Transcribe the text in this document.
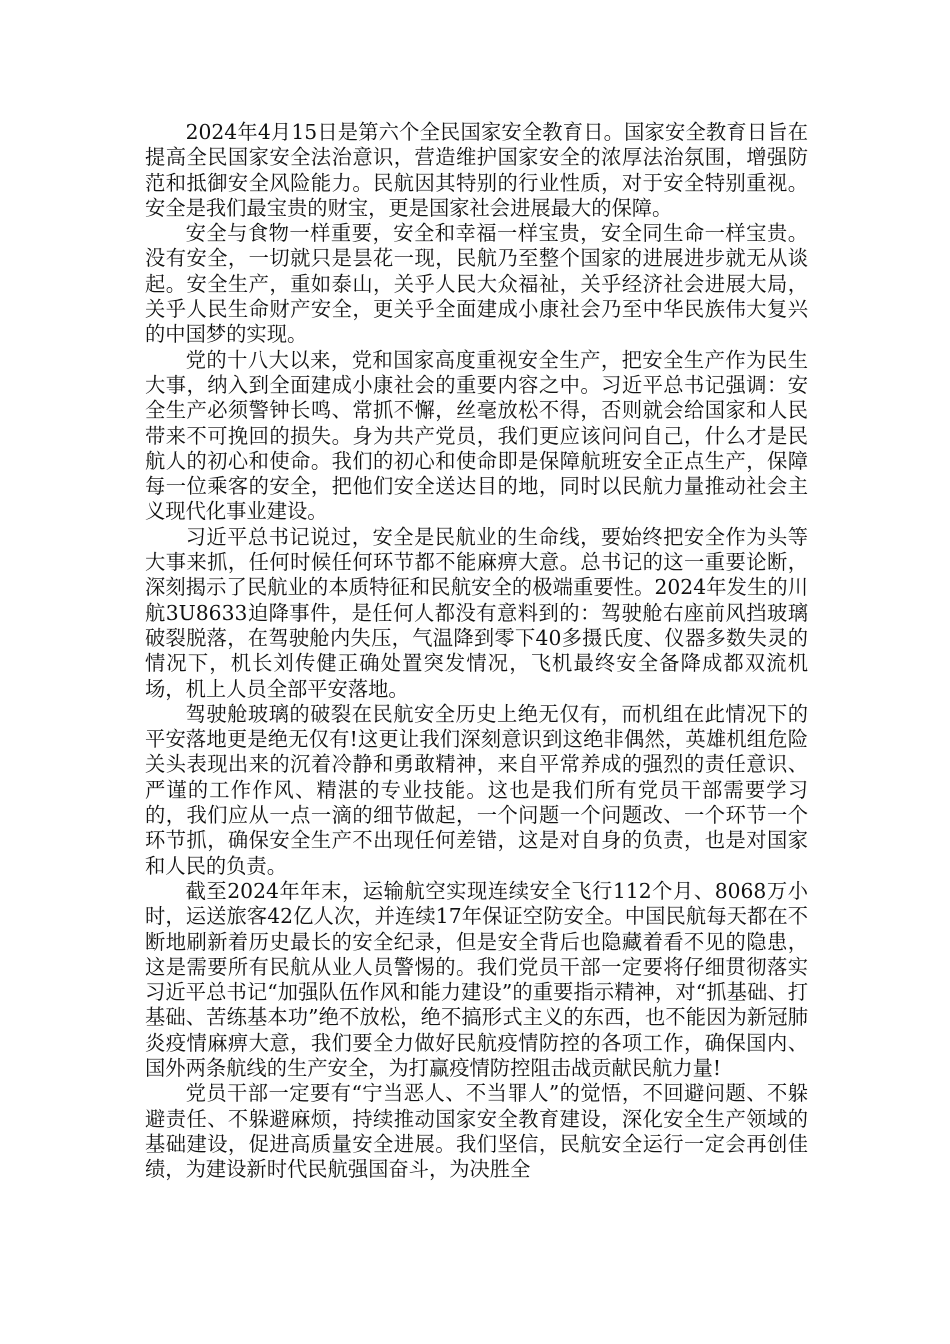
2024年4月15日是第六个全民国家安全教育日。国家安全教育日旨在提高全民国家安全法治意识，营造维护国家安全的浓厚法治氛围，增强防范和抵御安全风险能力。民航因其特别的行业性质，对于安全特别重视。安全是我们最宝贵的财宝，更是国家社会进展最大的保障。

安全与食物一样重要，安全和幸福一样宝贵，安全同生命一样宝贵。没有安全，一切就只是昙花一现，民航乃至整个国家的进展进步就无从谈起。安全生产，重如泰山，关乎人民大众福祉，关乎经济社会进展大局，关乎人民生命财产安全，更关乎全面建成小康社会乃至中华民族伟大复兴的中国梦的实现。

党的十八大以来，党和国家高度重视安全生产，把安全生产作为民生大事，纳入到全面建成小康社会的重要内容之中。习近平总书记强调：安全生产必须警钟长鸣、常抓不懈，丝毫放松不得，否则就会给国家和人民带来不可挽回的损失。身为共产党员，我们更应该问问自己，什么才是民航人的初心和使命。我们的初心和使命即是保障航班安全正点生产，保障每一位乘客的安全，把他们安全送达目的地，同时以民航力量推动社会主义现代化事业建设。

习近平总书记说过，安全是民航业的生命线，要始终把安全作为头等大事来抓，任何时候任何环节都不能麻痹大意。总书记的这一重要论断，深刻揭示了民航业的本质特征和民航安全的极端重要性。2024年发生的川航3U8633迫降事件，是任何人都没有意料到的：驾驶舱右座前风挡玻璃破裂脱落，在驾驶舱内失压，气温降到零下40多摄氏度、仪器多数失灵的情况下，机长刘传健正确处置突发情况，飞机最终安全备降成都双流机场，机上人员全部平安落地。

驾驶舱玻璃的破裂在民航安全历史上绝无仅有，而机组在此情况下的平安落地更是绝无仅有!这更让我们深刻意识到这绝非偶然，英雄机组危险关头表现出来的沉着冷静和勇敢精神，来自平常养成的强烈的责任意识、严谨的工作作风、精湛的专业技能。这也是我们所有党员干部需要学习的，我们应从一点一滴的细节做起，一个问题一个问题改、一个环节一个环节抓，确保安全生产不出现任何差错，这是对自身的负责，也是对国家和人民的负责。

截至2024年年末，运输航空实现连续安全飞行112个月、8068万小时，运送旅客42亿人次，并连续17年保证空防安全。中国民航每天都在不断地刷新着历史最长的安全纪录，但是安全背后也隐藏着看不见的隐患，这是需要所有民航从业人员警惕的。我们党员干部一定要将仔细贯彻落实习近平总书记“加强队伍作风和能力建设”的重要指示精神，对“抓基础、打基础、苦练基本功”绝不放松，绝不搞形式主义的东西，也不能因为新冠肺炎疫情麻痹大意，我们要全力做好民航疫情防控的各项工作，确保国内、国外两条航线的生产安全，为打赢疫情防控阻击战贡献民航力量!

党员干部一定要有“宁当恶人、不当罪人”的觉悟，不回避问题、不躲避责任、不躲避麻烦，持续推动国家安全教育建设，深化安全生产领域的基础建设，促进高质量安全进展。我们坚信，民航安全运行一定会再创佳绩，为建设新时代民航强国奋斗，为决胜全
